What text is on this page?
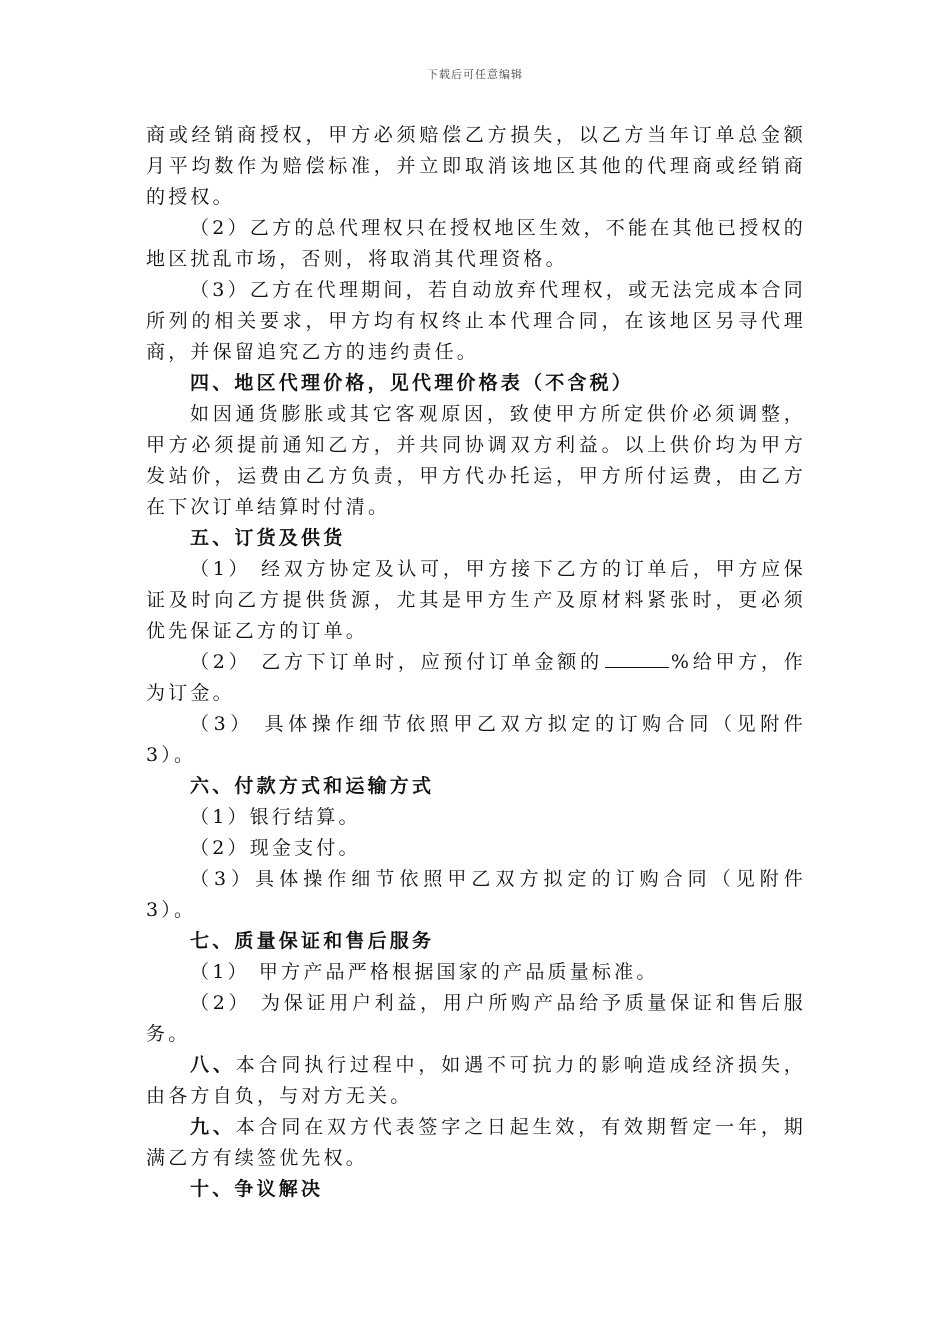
下载后可任意编辑

商或经销商授权，甲方必须赔偿乙方损失，以乙方当年订单总金额月平均数作为赔偿标准，并立即取消该地区其他的代理商或经销商的授权。

（2）乙方的总代理权只在授权地区生效，不能在其他已授权的地区扰乱市场，否则，将取消其代理资格。

（3）乙方在代理期间，若自动放弃代理权，或无法完成本合同所列的相关要求，甲方均有权终止本代理合同，在该地区另寻代理商，并保留追究乙方的违约责任。

四、地区代理价格，见代理价格表（不含税）

如因通货膨胀或其它客观原因，致使甲方所定供价必须调整，甲方必须提前通知乙方，并共同协调双方利益。以上供价均为甲方发站价，运费由乙方负责，甲方代办托运，甲方所付运费，由乙方在下次订单结算时付清。

五、订货及供货

（1） 经双方协定及认可，甲方接下乙方的订单后，甲方应保证及时向乙方提供货源，尤其是甲方生产及原材料紧张时，更必须优先保证乙方的订单。

（2） 乙方下订单时，应预付订单金额的	%给甲方，作为订金。

（3） 具体操作细节依照甲乙双方拟定的订购合同（见附件3）。

六、付款方式和运输方式

（1）银行结算。

（2）现金支付。

（3）具体操作细节依照甲乙双方拟定的订购合同（见附件3）。

七、质量保证和售后服务

（1） 甲方产品严格根据国家的产品质量标准。

（2） 为保证用户利益，用户所购产品给予质量保证和售后服务。

八、本合同执行过程中，如遇不可抗力的影响造成经济损失，由各方自负，与对方无关。

九、本合同在双方代表签字之日起生效，有效期暂定一年，期满乙方有续签优先权。

十、争议解决
